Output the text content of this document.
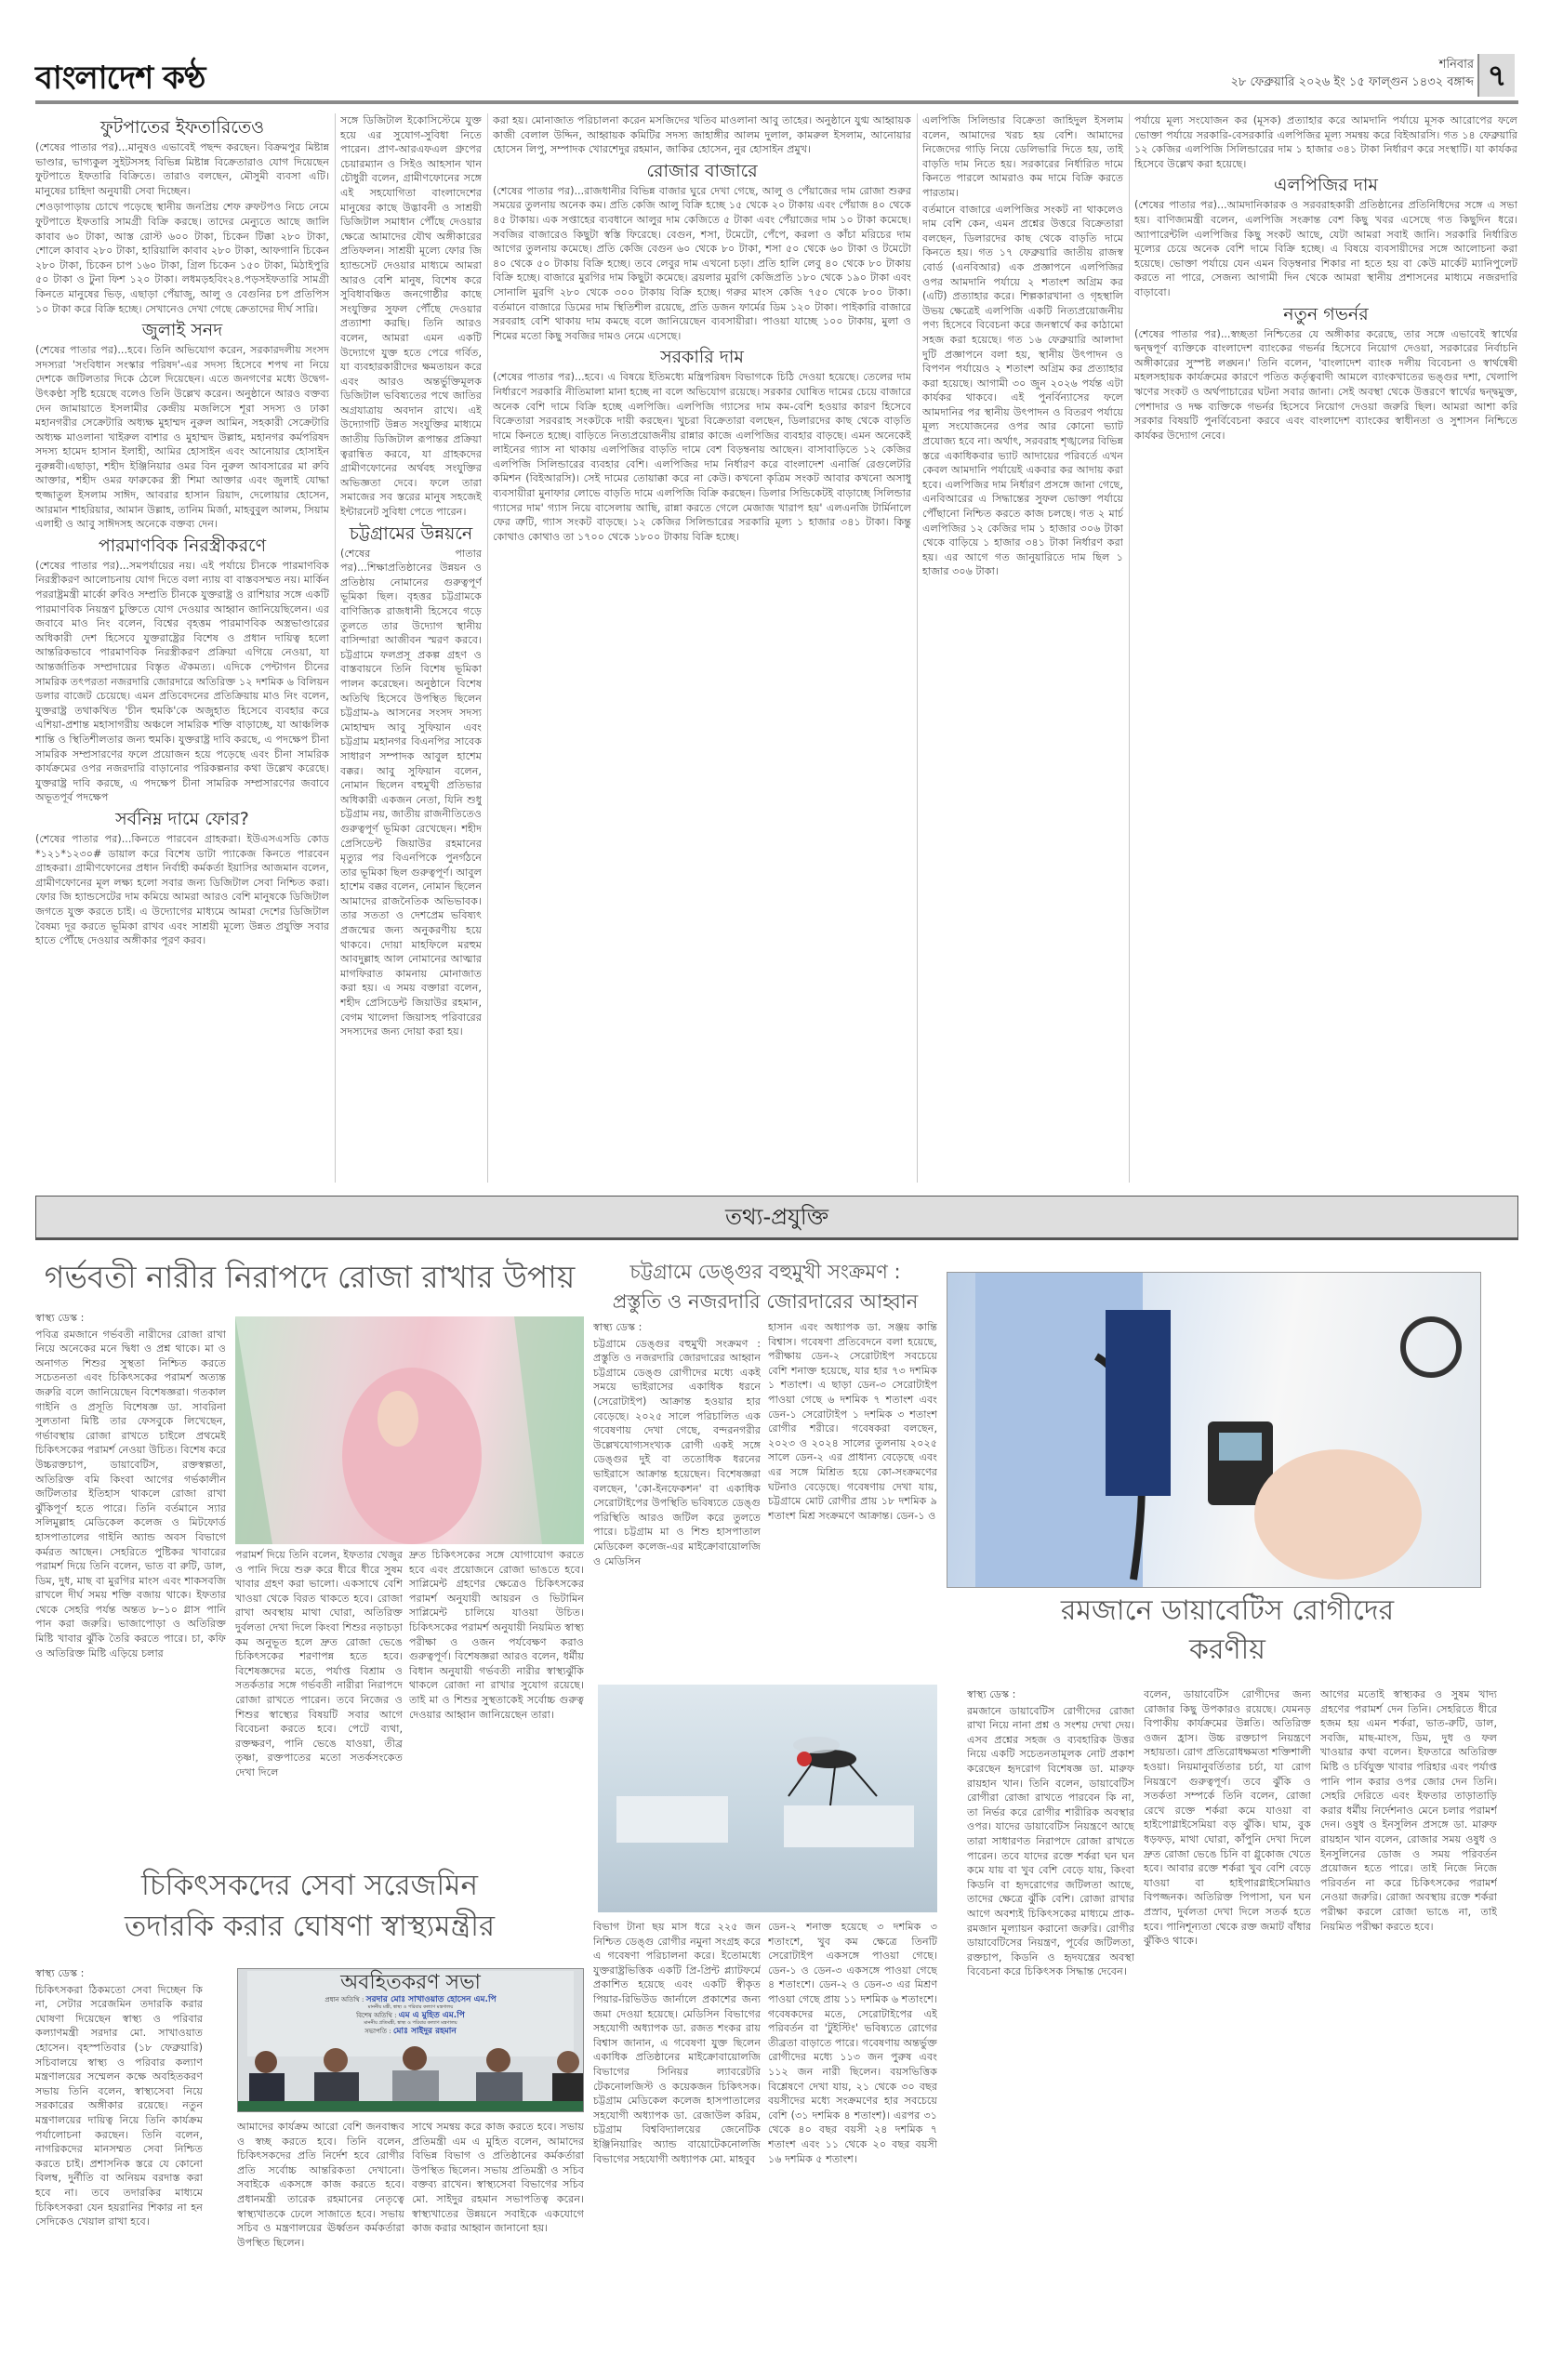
বাংলাদেশ কণ্ঠ	শনিবার
২৮ ফেব্রুয়ারি ২০২৬ ইং ১৫ ফাল্গুন ১৪৩২ বঙ্গাব্দ ৭
ফুটপাতের ইফতারিতেও

(শেষের পাতার পর)...মানুষও এভাবেই পছন্দ করছেন। বিক্রমপুর মিষ্টান্ন ভাণ্ডার, ভাগ্যকুল সুইটসসহ বিভিন্ন মিষ্টান্ন বিক্রেতারাও যোগ দিয়েছেন ফুটপাতে ইফতারি বিক্রিতে। তারাও বলছেন, মৌসুমী ব্যবসা এটি। মানুষের চাহিদা অনুযায়ী সেবা দিচ্ছেন।

শেওড়াপাড়ায় চোখে পড়েছে স্থানীয় জনপ্রিয় শেফ রুফটপও নিচে নেমে ফুটপাতে ইফতারি সামগ্রী বিক্রি করছে। তাদের মেন্যুতে আছে জালি কাবাব ৬০ টাকা, আস্ত রোস্ট ৬০০ টাকা, চিকেন টিক্কা ২৮০ টাকা, শোলে কাবাব ২৮০ টাকা, হারিয়ালি কাবাব ২৮০ টাকা, আফগানি চিকেন ২৮০ টাকা, চিকেন চাপ ১৬০ টাকা, গ্রিল চিকেন ১৫০ টাকা, মিঠাইপুরি ৫০ টাকা ও টুনা ফিশ ১২০ টাকা। লধমড়হবিং২৪.পড়সইফতারি সামগ্রী কিনতে মানুষের ভিড়, এছাড়া পেঁয়াজু, আলু ও বেগুনির চপ প্রতিপিস ১০ টাকা করে বিক্রি হচ্ছে। সেখানেও দেখা গেছে ক্রেতাদের দীর্ঘ সারি।

জুলাই সনদ

(শেষের পাতার পর)...হবে। তিনি অভিযোগ করেন, সরকারদলীয় সংসদ সদস্যরা 'সংবিধান সংস্কার পরিষদ'-এর সদস্য হিসেবে শপথ না নিয়ে দেশকে জটিলতার দিকে ঠেলে দিয়েছেন। এতে জনগণের মধ্যে উদ্বেগ-উৎকণ্ঠা সৃষ্টি হয়েছে বলেও তিনি উল্লেখ করেন। অনুষ্ঠানে আরও বক্তব্য দেন জামায়াতে ইসলামীর কেন্দ্রীয় মজলিসে শূরা সদস্য ও ঢাকা মহানগরীর সেক্রেটারি অধ্যক্ষ মুহাম্মদ নুরুল আমিন, সহকারী সেক্রেটারি অধ্যক্ষ মাওলানা খাইরুল বাশার ও মুহাম্মদ উল্লাহ, মহানগর কর্মপরিষদ সদস্য হামেদ হাসান ইলাহী, আমির হোসাইন এবং আনোয়ার হোসাইন নুরুন্নবী।এছাড়া, শহীদ ইঞ্জিনিয়ার ওমর বিন নুরুল আবসারের মা রুবি আক্তার, শহীদ ওমর ফারুকের স্ত্রী শিমা আক্তার এবং জুলাই যোদ্ধা হুজ্জাতুল ইসলাম সাঈদ, আবরার হাসান রিয়াদ, দেলোয়ার হোসেন, আরমান শাহরিয়ার, আমান উল্লাহ, তানিম মির্জা, মাহবুবুল আলম, সিয়াম এলাহী ও আবু সাঈদসহ অনেকে বক্তব্য দেন।

পারমাণবিক নিরস্ত্রীকরণে

(শেষের পাতার পর)...সমপর্যায়ের নয়। এই পর্যায়ে চীনকে পারমাণবিক নিরস্ত্রীকরণ আলোচনায় যোগ দিতে বলা ন্যায় বা বাস্তবসম্মত নয়। মার্কিন পররাষ্ট্রমন্ত্রী মার্কো রুবিও সম্প্রতি চীনকে যুক্তরাষ্ট্র ও রাশিয়ার সঙ্গে একটি পারমাণবিক নিয়ন্ত্রণ চুক্তিতে যোগ দেওয়ার আহ্বান জানিয়েছিলেন। এর জবাবে মাও নিং বলেন, বিশ্বের বৃহত্তম পারমাণবিক অস্ত্রভাণ্ডারের অধিকারী দেশ হিসেবে যুক্তরাষ্ট্রের বিশেষ ও প্রধান দায়িত্ব হলো আন্তরিকভাবে পারমাণবিক নিরস্ত্রীকরণ প্রক্রিয়া এগিয়ে নেওয়া, যা আন্তর্জাতিক সম্প্রদায়ের বিস্তৃত ঐকমত্য। এদিকে পেন্টাগন চীনের সামরিক তৎপরতা নজরদারি জোরদারে অতিরিক্ত ১২ দশমিক ৬ বিলিয়ন ডলার বাজেট চেয়েছে। এমন প্রতিবেদনের প্রতিক্রিয়ায় মাও নিং বলেন, যুক্তরাষ্ট্র তথাকথিত 'চীন হুমকি'কে অজুহাত হিসেবে ব্যবহার করে এশিয়া-প্রশান্ত মহাসাগরীয় অঞ্চলে সামরিক শক্তি বাড়াচ্ছে, যা আঞ্চলিক শান্তি ও স্থিতিশীলতার জন্য হুমকি। যুক্তরাষ্ট্র দাবি করছে, এ পদক্ষেপ চীনা সামরিক সম্প্রসারণের ফলে প্রয়োজন হয়ে পড়েছে এবং চীনা সামরিক কার্যক্রমের ওপর নজরদারি বাড়ানোর পরিকল্পনার কথা উল্লেখ করেছে। যুক্তরাষ্ট্র দাবি করছে, এ পদক্ষেপ চীনা সামরিক সম্প্রসারণের জবাবে অভূতপূর্ব পদক্ষেপ

সর্বনিম্ন দামে ফোর?

(শেষের পাতার পর)...কিনতে পারবেন গ্রাহকরা। ইউএসএসডি কোড *১২১*১২৩০# ডায়াল করে বিশেষ ডাটা প্যাকেজ কিনতে পারবেন গ্রাহকরা। গ্রামীণফোনের প্রধান নির্বাহী কর্মকর্তা ইয়াসির আজমান বলেন, গ্রামীণফোনের মূল লক্ষ্য হলো সবার জন্য ডিজিটাল সেবা নিশ্চিত করা। ফোর জি হ্যান্ডসেটের দাম কমিয়ে আমরা আরও বেশি মানুষকে ডিজিটাল জগতে যুক্ত করতে চাই। এ উদ্যোগের মাধ্যমে আমরা দেশের ডিজিটাল বৈষম্য দূর করতে ভূমিকা রাখব এবং সাশ্রয়ী মূল্যে উন্নত প্রযুক্তি সবার হাতে পৌঁছে দেওয়ার অঙ্গীকার পূরণ করব।

সঙ্গে ডিজিটাল ইকোসিস্টেমে যুক্ত হয়ে এর সুযোগ-সুবিধা নিতে পারেন। প্রাণ-আরএফএল গ্রুপের চেয়ারম্যান ও সিইও আহসান খান চৌধুরী বলেন, গ্রামীণফোনের সঙ্গে এই সহযোগিতা বাংলাদেশের মানুষের কাছে উদ্ভাবনী ও সাশ্রয়ী ডিজিটাল সমাধান পৌঁছে দেওয়ার ক্ষেত্রে আমাদের যৌথ অঙ্গীকারের প্রতিফলন। সাশ্রয়ী মূল্যে ফোর জি হ্যান্ডসেট দেওয়ার মাধ্যমে আমরা আরও বেশি মানুষ, বিশেষ করে সুবিধাবঞ্চিত জনগোষ্ঠীর কাছে সংযুক্তির সুফল পৌঁছে দেওয়ার প্রত্যাশা করছি। তিনি আরও বলেন, আমরা এমন একটি উদ্যোগে যুক্ত হতে পেরে গর্বিত, যা ব্যবহারকারীদের ক্ষমতায়ন করে এবং আরও অন্তর্ভুক্তিমূলক ডিজিটাল ভবিষ্যতের পথে জাতির অগ্রযাত্রায় অবদান রাখে। এই উদ্যোগটি উন্নত সংযুক্তির মাধ্যমে জাতীয় ডিজিটাল রূপান্তর প্রক্রিয়া ত্বরান্বিত করবে, যা গ্রাহকদের গ্রামীণফোনের অর্থবহ সংযুক্তির অভিজ্ঞতা দেবে। ফলে তারা সমাজের সব স্তরের মানুষ সহজেই ইন্টারনেট সুবিধা পেতে পারেন।

চট্টগ্রামের উন্নয়নে

(শেষের পাতার পর)...শিক্ষাপ্রতিষ্ঠানের উন্নয়ন ও প্রতিষ্ঠায় নোমানের গুরুত্বপূর্ণ ভূমিকা ছিল। বৃহত্তর চট্টগ্রামকে বাণিজ্যিক রাজধানী হিসেবে গড়ে তুলতে তার উদ্যোগ স্থানীয় বাসিন্দারা আজীবন স্মরণ করবে। চট্টগ্রামে ফলপ্রসূ প্রকল্প গ্রহণ ও বাস্তবায়নে তিনি বিশেষ ভূমিকা পালন করেছেন। অনুষ্ঠানে বিশেষ অতিথি হিসেবে উপস্থিত ছিলেন চট্টগ্রাম-৯ আসনের সংসদ সদস্য মোহাম্মদ আবু সুফিয়ান এবং চট্টগ্রাম মহানগর বিএনপির সাবেক সাধারণ সম্পাদক আবুল হাশেম বক্কর। আবু সুফিয়ান বলেন, নোমান ছিলেন বহুমুখী প্রতিভার অধিকারী একজন নেতা, যিনি শুধু চট্টগ্রাম নয়, জাতীয় রাজনীতিতেও গুরুত্বপূর্ণ ভূমিকা রেখেছেন। শহীদ প্রেসিডেন্ট জিয়াউর রহমানের মৃত্যুর পর বিএনপিকে পুনর্গঠনে তার ভূমিকা ছিল গুরুত্বপূর্ণ। আবুল হাশেম বক্কর বলেন, নোমান ছিলেন আমাদের রাজনৈতিক অভিভাবক। তার সততা ও দেশপ্রেম ভবিষ্যৎ প্রজন্মের জন্য অনুকরণীয় হয়ে থাকবে। দোয়া মাহফিলে মরহুম আবদুল্লাহ আল নোমানের আত্মার মাগফিরাত কামনায় মোনাজাত করা হয়। এ সময় বক্তারা বলেন, শহীদ প্রেসিডেন্ট জিয়াউর রহমান, বেগম খালেদা জিয়াসহ পরিবারের সদস্যদের জন্য দোয়া করা হয়।

করা হয়। মোনাজাত পরিচালনা করেন মসজিদের খতিব মাওলানা আবু তাহের। অনুষ্ঠানে যুগ্ম আহ্বায়ক কাজী বেলাল উদ্দিন, আহ্বায়ক কমিটির সদস্য জাহাঙ্গীর আলম দুলাল, কামরুল ইসলাম, আনোয়ার হোসেন লিপু, সম্পাদক খোরশেদুর রহমান, জাকির হোসেন, নুর হোসাইন প্রমুখ।

রোজার বাজারে

(শেষের পাতার পর)...রাজধানীর বিভিন্ন বাজার ঘুরে দেখা গেছে, আলু ও পেঁয়াজের দাম রোজা শুরুর সময়ের তুলনায় অনেক কম। প্রতি কেজি আলু বিক্রি হচ্ছে ১৫ থেকে ২০ টাকায় এবং পেঁয়াজ ৪০ থেকে ৪৫ টাকায়। এক সপ্তাহের ব্যবধানে আলুর দাম কেজিতে ৫ টাকা এবং পেঁয়াজের দাম ১০ টাকা কমেছে। সবজির বাজারেও কিছুটা স্বস্তি ফিরেছে। বেগুন, শসা, টমেটো, পেঁপে, করলা ও কাঁচা মরিচের দাম আগের তুলনায় কমেছে। প্রতি কেজি বেগুন ৬০ থেকে ৮০ টাকা, শসা ৫০ থেকে ৬০ টাকা ও টমেটো ৪০ থেকে ৫০ টাকায় বিক্রি হচ্ছে। তবে লেবুর দাম এখনো চড়া। প্রতি হালি লেবু ৪০ থেকে ৮০ টাকায় বিক্রি হচ্ছে। বাজারে মুরগির দাম কিছুটা কমেছে। ব্রয়লার মুরগি কেজিপ্রতি ১৮০ থেকে ১৯০ টাকা এবং সোনালি মুরগি ২৮০ থেকে ৩০০ টাকায় বিক্রি হচ্ছে। গরুর মাংস কেজি ৭৫০ থেকে ৮০০ টাকা। বর্তমানে বাজারে ডিমের দাম স্থিতিশীল রয়েছে, প্রতি ডজন ফার্মের ডিম ১২০ টাকা। পাইকারি বাজারে সরবরাহ বেশি থাকায় দাম কমছে বলে জানিয়েছেন ব্যবসায়ীরা। পাওয়া যাচ্ছে ১০০ টাকায়, মুলা ও শিমের মতো কিছু সবজির দামও নেমে এসেছে।

সরকারি দাম

(শেষের পাতার পর)...হবে। এ বিষয়ে ইতিমধ্যে মন্ত্রিপরিষদ বিভাগকে চিঠি দেওয়া হয়েছে। তেলের দাম নির্ধারণে সরকারি নীতিমালা মানা হচ্ছে না বলে অভিযোগ রয়েছে। সরকার ঘোষিত দামের চেয়ে বাজারে অনেক বেশি দামে বিক্রি হচ্ছে এলপিজি। এলপিজি গ্যাসের দাম কম-বেশি হওয়ার কারণ হিসেবে বিক্রেতারা সরবরাহ সংকটকে দায়ী করছেন। খুচরা বিক্রেতারা বলছেন, ডিলারদের কাছ থেকে বাড়তি দামে কিনতে হচ্ছে। বাড়িতে নিত্যপ্রয়োজনীয় রান্নার কাজে এলপিজির ব্যবহার বাড়ছে। এমন অনেকেই লাইনের গ্যাস না থাকায় এলপিজির বাড়তি দামে বেশ বিড়ম্বনায় আছেন। বাসাবাড়িতে ১২ কেজির এলপিজি সিলিন্ডারের ব্যবহার বেশি। এলপিজির দাম নির্ধারণ করে বাংলাদেশ এনার্জি রেগুলেটরি কমিশন (বিইআরসি)। সেই দামের তোয়াক্কা করে না কেউ। কখনো কৃত্রিম সংকট আবার কখনো অসাধু ব্যবসায়ীরা মুনাফার লোভে বাড়তি দামে এলপিজি বিক্রি করছেন। ডিলার সিন্ডিকেটই বাড়াচ্ছে সিলিন্ডার গ্যাসের দাম' গ্যাস নিয়ে বাসেলায় আছি, রান্না করতে গেলে মেজাজ খারাপ হয়' এলএনজি টার্মিনালে ফের ত্রুটি, গ্যাস সংকট বাড়ছে। ১২ কেজির সিলিন্ডারের সরকারি মূল্য ১ হাজার ৩৪১ টাকা। কিন্তু কোথাও কোথাও তা ১৭০০ থেকে ১৮০০ টাকায় বিক্রি হচ্ছে।

এলপিজি সিলিন্ডার বিক্রেতা জাহিদুল ইসলাম বলেন, আমাদের খরচ হয় বেশি। আমাদের নিজেদের গাড়ি নিয়ে ডেলিভারি দিতে হয়, তাই বাড়তি দাম নিতে হয়। সরকারের নির্ধারিত দামে কিনতে পারলে আমরাও কম দামে বিক্রি করতে পারতাম।

বর্তমানে বাজারে এলপিজির সংকট না থাকলেও দাম বেশি কেন, এমন প্রশ্নের উত্তরে বিক্রেতারা বলছেন, ডিলারদের কাছ থেকে বাড়তি দামে কিনতে হয়। গত ১৭ ফেব্রুয়ারি জাতীয় রাজস্ব বোর্ড (এনবিআর) এক প্রজ্ঞাপনে এলপিজির ওপর আমদানি পর্যায়ে ২ শতাংশ অগ্রিম কর (এটি) প্রত্যাহার করে। শিল্পকারখানা ও গৃহস্থালি উভয় ক্ষেত্রেই এলপিজি একটি নিত্যপ্রয়োজনীয় পণ্য হিসেবে বিবেচনা করে জনস্বার্থে কর কাঠামো সহজ করা হয়েছে। গত ১৬ ফেব্রুয়ারি আলাদা দুটি প্রজ্ঞাপনে বলা হয়, স্থানীয় উৎপাদন ও বিপণন পর্যায়েও ২ শতাংশ অগ্রিম কর প্রত্যাহার করা হয়েছে। আগামী ৩০ জুন ২০২৬ পর্যন্ত এটা কার্যকর থাকবে। এই পুনর্বিন্যাসের ফলে আমদানির পর স্থানীয় উৎপাদন ও বিতরণ পর্যায়ে মূল্য সংযোজনের ওপর আর কোনো ভ্যাট প্রযোজ্য হবে না। অর্থাৎ, সরবরাহ শৃঙ্খলের বিভিন্ন স্তরে একাধিকবার ভ্যাট আদায়ের পরিবর্তে এখন কেবল আমদানি পর্যায়েই একবার কর আদায় করা হবে। এলপিজির দাম নির্ধারণ প্রসঙ্গে জানা গেছে, এনবিআরের এ সিদ্ধান্তের সুফল ভোক্তা পর্যায়ে পৌঁছানো নিশ্চিত করতে কাজ চলছে। গত ২ মার্চ এলপিজির ১২ কেজির দাম ১ হাজার ৩০৬ টাকা থেকে বাড়িয়ে ১ হাজার ৩৪১ টাকা নির্ধারণ করা হয়। এর আগে গত জানুয়ারিতে দাম ছিল ১ হাজার ৩০৬ টাকা।

পর্যায়ে মূল্য সংযোজন কর (মূসক) প্রত্যাহার করে আমদানি পর্যায়ে মূসক আরোপের ফলে ভোক্তা পর্যায়ে সরকারি-বেসরকারি এলপিজির মূল্য সমন্বয় করে বিইআরসি। গত ১৪ ফেব্রুয়ারি ১২ কেজির এলপিজি সিলিন্ডারের দাম ১ হাজার ৩৪১ টাকা নির্ধারণ করে সংস্থাটি। যা কার্যকর হিসেবে উল্লেখ করা হয়েছে।

এলপিজির দাম

(শেষের পাতার পর)...আমদানিকারক ও সরবরাহকারী প্রতিষ্ঠানের প্রতিনিধিদের সঙ্গে এ সভা হয়। বাণিজ্যমন্ত্রী বলেন, এলপিজি সংক্রান্ত বেশ কিছু খবর এসেছে গত কিছুদিন ধরে। অ্যাপারেন্টলি এলপিজির কিছু সংকট আছে, যেটা আমরা সবাই জানি। সরকারি নির্ধারিত মূল্যের চেয়ে অনেক বেশি দামে বিক্রি হচ্ছে। এ বিষয়ে ব্যবসায়ীদের সঙ্গে আলোচনা করা হয়েছে। ভোক্তা পর্যায়ে যেন এমন বিড়ম্বনার শিকার না হতে হয় বা কেউ মার্কেট ম্যানিপুলেট করতে না পারে, সেজন্য আগামী দিন থেকে আমরা স্থানীয় প্রশাসনের মাধ্যমে নজরদারি বাড়াবো।

নতুন গভর্নর

(শেষের পাতার পর)...স্বচ্ছতা নিশ্চিতের যে অঙ্গীকার করেছে, তার সঙ্গে এভাবেই স্বার্থের দ্বন্দ্বপূর্ণ ব্যক্তিকে বাংলাদেশ ব্যাংকের গভর্নর হিসেবে নিয়োগ দেওয়া, সরকারের নির্বাচনি অঙ্গীকারের সুস্পষ্ট লঙ্ঘন।' তিনি বলেন, 'বাংলাদেশ ব্যাংক দলীয় বিবেচনা ও স্বার্থন্বেষী মহলসহায়ক কার্যক্রমের কারণে পতিত কর্তৃত্ববাদী আমলে ব্যাংকখাতের ভঙ্গুর দশা, খেলাপি ঋণের সংকট ও অর্থপাচারের ঘটনা সবার জানা। সেই অবস্থা থেকে উত্তরণে স্বার্থের দ্বন্দ্বমুক্ত, পেশাদার ও দক্ষ ব্যক্তিকে গভর্নর হিসেবে নিয়োগ দেওয়া জরুরি ছিল। আমরা আশা করি সরকার বিষয়টি পুনর্বিবেচনা করবে এবং বাংলাদেশ ব্যাংকের স্বাধীনতা ও সুশাসন নিশ্চিতে কার্যকর উদ্যোগ নেবে।

তথ্য-প্রযুক্তি
গর্ভবতী নারীর নিরাপদে রোজা রাখার উপায়

স্বাস্থ্য ডেস্ক :

পবিত্র রমজানে গর্ভবতী নারীদের রোজা রাখা নিয়ে অনেকের মনে দ্বিধা ও প্রশ্ন থাকে। মা ও অনাগত শিশুর সুস্থতা নিশ্চিত করতে সচেতনতা এবং চিকিৎসকের পরামর্শ অত্যন্ত জরুরি বলে জানিয়েছেন বিশেষজ্ঞরা। গতকাল গাইনি ও প্রসূতি বিশেষজ্ঞ ডা. সাবরিনা সুলতানা মিষ্টি তার ফেসবুকে লিখেছেন, গর্ভাবস্থায় রোজা রাখতে চাইলে প্রথমেই চিকিৎসকের পরামর্শ নেওয়া উচিত। বিশেষ করে উচ্চরক্তচাপ, ডায়াবেটিস, রক্তস্বল্পতা, অতিরিক্ত বমি কিংবা আগের গর্ভকালীন জটিলতার ইতিহাস থাকলে রোজা রাখা ঝুঁকিপূর্ণ হতে পারে। তিনি বর্তমানে স্যার সলিমুল্লাহ মেডিকেল কলেজ ও মিটফোর্ড হাসপাতালের গাইনি অ্যান্ড অবস বিভাগে কর্মরত আছেন। সেহরিতে পুষ্টিকর খাবারের পরামর্শ দিয়ে তিনি বলেন, ভাত বা রুটি, ডাল, ডিম, দুধ, মাছ বা মুরগির মাংস এবং শাকসবজি রাখলে দীর্ঘ সময় শক্তি বজায় থাকে। ইফতার থেকে সেহরি পর্যন্ত অন্তত ৮–১০ গ্লাস পানি পান করা জরুরি। ভাজাপোড়া ও অতিরিক্ত মিষ্টি খাবার ঝুঁকি তৈরি করতে পারে। চা, কফি ও অতিরিক্ত মিষ্টি এড়িয়ে চলার

পরামর্শ দিয়ে তিনি বলেন, ইফতার খেজুর ও পানি দিয়ে শুরু করে ধীরে ধীরে সুষম খাবার গ্রহণ করা ভালো। একসাথে বেশি খাওয়া থেকে বিরত থাকতে হবে। রোজা রাখা অবস্থায় মাথা ঘোরা, অতিরিক্ত দুর্বলতা দেখা দিলে কিংবা শিশুর নড়াচড়া কম অনুভূত হলে দ্রুত রোজা ভেঙে চিকিৎসকের শরণাপন্ন হতে হবে। বিশেষজ্ঞদের মতে, পর্যাপ্ত বিশ্রাম ও সতর্কতার সঙ্গে গর্ভবতী নারীরা নিরাপদে রোজা রাখতে পারেন। তবে নিজের ও শিশুর স্বাস্থ্যের বিষয়টি সবার আগে বিবেচনা করতে হবে। পেটে ব্যথা, রক্তক্ষরণ, পানি ভেঙে যাওয়া, তীব্র তৃষ্ণা, রক্তপাতের মতো সতর্কসংকেত দেখা দিলে

দ্রুত চিকিৎসকের সঙ্গে যোগাযোগ করতে হবে এবং প্রয়োজনে রোজা ভাঙতে হবে। সাপ্লিমেন্ট গ্রহণের ক্ষেত্রেও চিকিৎসকের পরামর্শ অনুযায়ী আয়রন ও ভিটামিন সাপ্লিমেন্ট চালিয়ে যাওয়া উচিত। চিকিৎসকের পরামর্শ অনুযায়ী নিয়মিত স্বাস্থ্য পরীক্ষা ও ওজন পর্যবেক্ষণ করাও গুরুত্বপূর্ণ। বিশেষজ্ঞরা আরও বলেন, ধর্মীয় বিধান অনুযায়ী গর্ভবতী নারীর স্বাস্থ্যঝুঁকি থাকলে রোজা না রাখার সুযোগ রয়েছে। তাই মা ও শিশুর সুস্থতাকেই সর্বোচ্চ গুরুত্ব দেওয়ার আহ্বান জানিয়েছেন তারা।

চট্টগ্রামে ডেঙ্গুর বহুমুখী সংক্রমণ :
প্রস্তুতি ও নজরদারি জোরদারের আহ্বান

স্বাস্থ্য ডেস্ক :

চট্টগ্রামে ডেঙ্গুর বহুমুখী সংক্রমণ : প্রস্তুতি ও নজরদারি জোরদারের আহ্বান চট্টগ্রামে ডেঙ্গু রোগীদের মধ্যে একই সময়ে ভাইরাসের একাধিক ধরনে (সেরোটাইপ) আক্রান্ত হওয়ার হার বেড়েছে। ২০২৫ সালে পরিচালিত এক গবেষণায় দেখা গেছে, বন্দরনগরীর উল্লেখযোগ্যসংখ্যক রোগী একই সঙ্গে ডেঙ্গুর দুই বা ততোধিক ধরনের ভাইরাসে আক্রান্ত হয়েছেন। বিশেষজ্ঞরা বলছেন, 'কো-ইনফেকশন' বা একাধিক সেরোটাইপের উপস্থিতি ভবিষ্যতে ডেঙ্গু পরিস্থিতি আরও জটিল করে তুলতে পারে। চট্টগ্রাম মা ও শিশু হাসপাতাল মেডিকেল কলেজ-এর মাইক্রোবায়োলজি ও মেডিসিন

হাসান এবং অধ্যাপক ডা. সঞ্জয় কান্তি বিশ্বাস। গবেষণা প্রতিবেদনে বলা হয়েছে, পরীক্ষায় ডেন-২ সেরোটাইপ সবচেয়ে বেশি শনাক্ত হয়েছে, যার হার ৭৩ দশমিক ১ শতাংশ। এ ছাড়া ডেন-৩ সেরোটাইপ পাওয়া গেছে ৬ দশমিক ৭ শতাংশ এবং ডেন-১ সেরোটাইপ ১ দশমিক ৩ শতাংশ রোগীর শরীরে। গবেষকরা বলছেন, ২০২৩ ও ২০২৪ সালের তুলনায় ২০২৫ সালে ডেন-২ এর প্রাধান্য বেড়েছে এবং এর সঙ্গে মিশ্রিত হয়ে কো-সংক্রমণের ঘটনাও বেড়েছে। গবেষণায় দেখা যায়, চট্টগ্রামে মোট রোগীর প্রায় ১৮ দশমিক ৯ শতাংশ মিশ্র সংক্রমণে আক্রান্ত। ডেন-১ ও

বিভাগ টানা ছয় মাস ধরে ২২৫ জন নিশ্চিত ডেঙ্গু রোগীর নমুনা সংগ্রহ করে এ গবেষণা পরিচালনা করে। ইতোমধ্যে যুক্তরাষ্ট্রভিত্তিক একটি প্রি-প্রিন্ট প্ল্যাটফর্মে প্রকাশিত হয়েছে এবং একটি স্বীকৃত পিয়ার-রিভিউড জার্নালে প্রকাশের জন্য জমা দেওয়া হয়েছে। মেডিসিন বিভাগের সহযোগী অধ্যাপক ডা. রজত শংকর রায় বিশ্বাস জানান, এ গবেষণা যুক্ত ছিলেন একাধিক প্রতিষ্ঠানের মাইক্রোবায়োলজি বিভাগের সিনিয়র ল্যাবরেটরি টেকনোলজিস্ট ও কয়েকজন চিকিৎসক। চট্টগ্রাম মেডিকেল কলেজ হাসপাতালের সহযোগী অধ্যাপক ডা. রেজাউল করিম, চট্টগ্রাম বিশ্ববিদ্যালয়ের জেনেটিক ইঞ্জিনিয়ারিং অ্যান্ড বায়োটেকনোলজি বিভাগের সহযোগী অধ্যাপক মো. মাহবুব

ডেন-২ শনাক্ত হয়েছে ৩ দশমিক ৩ শতাংশে, খুব কম ক্ষেত্রে তিনটি সেরোটাইপ একসঙ্গে পাওয়া গেছে। ডেন-১ ও ডেন-৩ একসঙ্গে পাওয়া গেছে ৪ শতাংশে। ডেন-২ ও ডেন-৩ এর মিশ্রণ পাওয়া গেছে প্রায় ১১ দশমিক ৬ শতাংশে। গবেষকদের মতে, সেরোটাইপের এই পরিবর্তন বা 'টুইস্টিং' ভবিষ্যতে রোগের তীব্রতা বাড়াতে পারে। গবেষণায় অন্তর্ভুক্ত রোগীদের মধ্যে ১১৩ জন পুরুষ এবং ১১২ জন নারী ছিলেন। বয়সভিত্তিক বিশ্লেষণে দেখা যায়, ২১ থেকে ৩০ বছর বয়সীদের মধ্যে সংক্রমণের হার সবচেয়ে বেশি (৩১ দশমিক ৪ শতাংশ)। এরপর ৩১ থেকে ৪০ বছর বয়সী ২৪ দশমিক ৭ শতাংশ এবং ১১ থেকে ২০ বছর বয়সী ১৬ দশমিক ৫ শতাংশ।

রমজানে ডায়াবেটিস রোগীদের
করণীয়

স্বাস্থ্য ডেস্ক :

রমজানে ডায়াবেটিস রোগীদের রোজা রাখা নিয়ে নানা প্রশ্ন ও সংশয় দেখা দেয়। এসব প্রশ্নের সহজ ও ব্যবহারিক উত্তর নিয়ে একটি সচেতনতামূলক নোট প্রকাশ করেছেন হৃদরোগ বিশেষজ্ঞ ডা. মারুফ রায়হান খান। তিনি বলেন, ডায়াবেটিস রোগীরা রোজা রাখতে পারবেন কি না, তা নির্ভর করে রোগীর শারীরিক অবস্থার ওপর। যাদের ডায়াবেটিস নিয়ন্ত্রণে আছে তারা সাধারণত নিরাপদে রোজা রাখতে পারেন। তবে যাদের রক্তে শর্করা ঘন ঘন কমে যায় বা খুব বেশি বেড়ে যায়, কিংবা কিডনি বা হৃদরোগের জটিলতা আছে, তাদের ক্ষেত্রে ঝুঁকি বেশি। রোজা রাখার আগে অবশ্যই চিকিৎসকের মাধ্যমে প্রাক-রমজান মূল্যায়ন করানো জরুরি। রোগীর ডায়াবেটিসের নিয়ন্ত্রণ, পূর্বের জটিলতা, রক্তচাপ, কিডনি ও হৃদযন্ত্রের অবস্থা বিবেচনা করে চিকিৎসক সিদ্ধান্ত দেবেন।

বলেন, ডায়াবেটিস রোগীদের জন্য রোজার কিছু উপকারও রয়েছে। যেমনড় বিপাকীয় কার্যক্রমের উন্নতি। অতিরিক্ত ওজন হ্রাস। উচ্চ রক্তচাপ নিয়ন্ত্রণে সহায়তা। রোগ প্রতিরোধক্ষমতা শক্তিশালী হওয়া। নিয়মানুবর্তিতার চর্চা, যা রোগ নিয়ন্ত্রণে গুরুত্বপূর্ণ। তবে ঝুঁকি ও সতর্কতা সম্পর্কে তিনি বলেন, রোজা রেখে রক্তে শর্করা কমে যাওয়া বা হাইপোগ্লাইসেমিয়া বড় ঝুঁকি। ঘাম, বুক ধড়ফড়, মাথা ঘোরা, কাঁপুনি দেখা দিলে দ্রুত রোজা ভেঙে চিনি বা গ্লুকোজ খেতে হবে। আবার রক্তে শর্করা খুব বেশি বেড়ে যাওয়া বা হাইপারগ্লাইসেমিয়াও বিপজ্জনক। অতিরিক্ত পিপাসা, ঘন ঘন প্রস্রাব, দুর্বলতা দেখা দিলে সতর্ক হতে হবে। পানিশূন্যতা থেকে রক্ত জমাট বাঁধার ঝুঁকিও থাকে।

আগের মতোই স্বাস্থ্যকর ও সুষম খাদ্য গ্রহণের পরামর্শ দেন তিনি। সেহরিতে ধীরে হজম হয় এমন শর্করা, ভাত-রুটি, ডাল, সবজি, মাছ-মাংস, ডিম, দুধ ও ফল খাওয়ার কথা বলেন। ইফতারে অতিরিক্ত মিষ্টি ও চর্বিযুক্ত খাবার পরিহার এবং পর্যাপ্ত পানি পান করার ওপর জোর দেন তিনি। সেহরি দেরিতে এবং ইফতার তাড়াতাড়ি করার ধর্মীয় নির্দেশনাও মেনে চলার পরামর্শ দেন। ওষুধ ও ইনসুলিন প্রসঙ্গে ডা. মারুফ রায়হান খান বলেন, রোজার সময় ওষুধ ও ইনসুলিনের ডোজ ও সময় পরিবর্তন প্রয়োজন হতে পারে। তাই নিজে নিজে পরিবর্তন না করে চিকিৎসকের পরামর্শ নেওয়া জরুরি। রোজা অবস্থায় রক্তে শর্করা পরীক্ষা করলে রোজা ভাঙে না, তাই নিয়মিত পরীক্ষা করতে হবে।

চিকিৎসকদের সেবা সরেজমিন
তদারকি করার ঘোষণা স্বাস্থ্যমন্ত্রীর

স্বাস্থ্য ডেস্ক :

চিকিৎসকরা ঠিকমতো সেবা দিচ্ছেন কি না, সেটার সরেজমিন তদারকি করার ঘোষণা দিয়েছেন স্বাস্থ্য ও পরিবার কল্যাণমন্ত্রী সরদার মো. সাখাওয়াত হোসেন। বৃহস্পতিবার (১৮ ফেব্রুয়ারি) সচিবালয়ে স্বাস্থ্য ও পরিবার কল্যাণ মন্ত্রণালয়ের সম্মেলন কক্ষে অবহিতকরণ সভায় তিনি বলেন, স্বাস্থ্যসেবা নিয়ে সরকারের অঙ্গীকার রয়েছে। নতুন মন্ত্রণালয়ের দায়িত্ব নিয়ে তিনি কার্যক্রম পর্যালোচনা করছেন। তিনি বলেন, নাগরিকদের মানসম্মত সেবা নিশ্চিত করতে চাই। প্রশাসনিক স্তরে যে কোনো বিলম্ব, দুর্নীতি বা অনিয়ম বরদাস্ত করা হবে না। তবে তদারকির মাধ্যমে চিকিৎসকরা যেন হয়রানির শিকার না হন সেদিকেও খেয়াল রাখা হবে।

অবহিতকরণ সভা
প্রধান অতিথি : সরদার মোঃ সাখাওয়াত হোসেন এম.পি
মাননীয় মন্ত্রী, স্বাস্থ্য ও পরিবার কল্যাণ মন্ত্রণালয়
বিশেষ অতিথি : এম এ মুহিত এম.পি
মাননীয় প্রতিমন্ত্রী, স্বাস্থ্য ও পরিবার কল্যাণ মন্ত্রণালয়
সভাপতি : মোঃ সাইদুর রহমান

আমাদের কার্যক্রম আরো বেশি জনবান্ধব ও স্বচ্ছ করতে হবে। তিনি বলেন, চিকিৎসকদের প্রতি নির্দেশ হবে রোগীর প্রতি সর্বোচ্চ আন্তরিকতা দেখানো। সবাইকে একসঙ্গে কাজ করতে হবে। প্রধানমন্ত্রী তারেক রহমানের নেতৃত্বে স্বাস্থ্যখাতকে ঢেলে সাজাতে হবে। সভায় সচিব ও মন্ত্রণালয়ের ঊর্ধ্বতন কর্মকর্তারা উপস্থিত ছিলেন।

সাথে সমন্বয় করে কাজ করতে হবে। সভায় প্রতিমন্ত্রী এম এ মুহিত বলেন, আমাদের বিভিন্ন বিভাগ ও প্রতিষ্ঠানের কর্মকর্তারা উপস্থিত ছিলেন। সভায় প্রতিমন্ত্রী ও সচিব বক্তব্য রাখেন। স্বাস্থ্যসেবা বিভাগের সচিব মো. সাইদুর রহমান সভাপতিত্ব করেন। স্বাস্থ্যখাতের উন্নয়নে সবাইকে একযোগে কাজ করার আহ্বান জানানো হয়।
